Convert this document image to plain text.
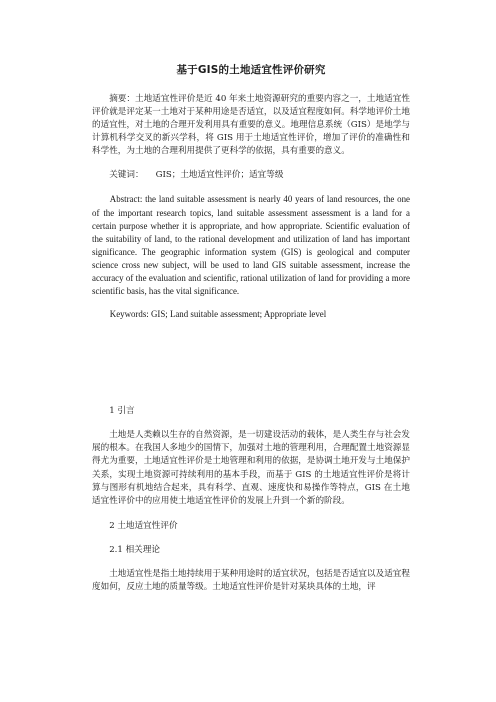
基于GIS的土地适宜性评价研究

摘要：土地适宜性评价是近 40 年来土地资源研究的重要内容之一，土地适宜性评价就是评定某一土地对于某种用途是否适宜，以及适宜程度如何。科学地评价土地的适宜性，对土地的合理开发利用具有重要的意义。地理信息系统（GIS）是地学与计算机科学交叉的新兴学科，将 GIS 用于土地适宜性评价，增加了评价的准确性和科学性，为土地的合理利用提供了更科学的依据，具有重要的意义。

关键词： GIS；土地适宜性评价；适宜等级

Abstract: the land suitable assessment is nearly 40 years of land resources, the one of the important research topics, land suitable assessment assessment is a land for a certain purpose whether it is appropriate, and how appropriate. Scientific evaluation of the suitability of land, to the rational development and utilization of land has important significance. The geographic information system (GIS) is geological and computer science cross new subject, will be used to land GIS suitable assessment, increase the accuracy of the evaluation and scientific, rational utilization of land for providing a more scientific basis, has the vital significance.

Keywords: GIS; Land suitable assessment; Appropriate level

1 引言

土地是人类赖以生存的自然资源，是一切建设活动的载体，是人类生存与社会发展的根本。在我国人多地少的国情下，加强对土地的管理利用，合理配置土地资源显得尤为重要，土地适宜性评价是土地管理和利用的依据，是协调土地开发与土地保护关系，实现土地资源可持续利用的基本手段，而基于 GIS 的土地适宜性评价是将计算与图形有机地结合起来，具有科学、直观、速度快和易操作等特点，GIS 在土地适宜性评价中的应用使土地适宜性评价的发展上升到一个新的阶段。

2 土地适宜性评价

2.1 相关理论

土地适宜性是指土地持续用于某种用途时的适宜状况，包括是否适宜以及适宜程度如何，反应土地的质量等级。土地适宜性评价是针对某块具体的土地，评
